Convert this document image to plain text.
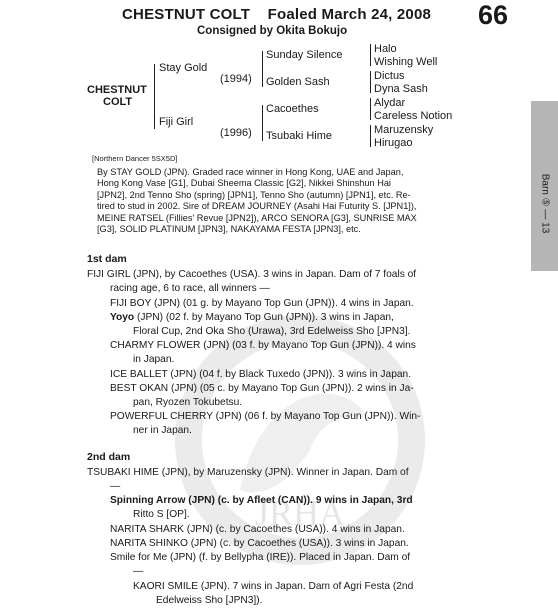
JRHA
Barn ⑤ — 13
CHESTNUT COLT    Foaled March 24, 2008 66
Consigned by Okita Bokujo
CHESTNUT
COLT
Stay Gold
Fiji Girl
(1994)
(1996)
Sunday Silence
Golden Sash
Cacoethes
Tsubaki Hime
Halo
Wishing Well
Dictus
Dyna Sash
Alydar
Careless Notion
Maruzensky
Hirugao
[Northern Dancer 5SX5D]
By STAY GOLD (JPN). Graded race winner in Hong Kong, UAE and Japan,
Hong Kong Vase [G1], Dubai Sheema Classic [G2], Nikkei Shinshun Hai
[JPN2], 2nd Tenno Sho (spring) [JPN1], Tenno Sho (autumn) [JPN1], etc. Re-
tired to stud in 2002. Sire of DREAM JOURNEY (Asahi Hai Futurity S. [JPN1]),
MEINE RATSEL (Fillies' Revue [JPN2]), ARCO SENORA [G3], SUNRISE MAX
[G3], SOLID PLATINUM [JPN3], NAKAYAMA FESTA [JPN3], etc.
1st dam
FIJI GIRL (JPN), by Cacoethes (USA). 3 wins in Japan. Dam of 7 foals of
racing age, 6 to race, all winners —
FIJI BOY (JPN) (01 g. by Mayano Top Gun (JPN)). 4 wins in Japan.
Yoyo (JPN) (02 f. by Mayano Top Gun (JPN)). 3 wins in Japan,
Floral Cup, 2nd Oka Sho (Urawa), 3rd Edelweiss Sho [JPN3].
CHARMY FLOWER (JPN) (03 f. by Mayano Top Gun (JPN)). 4 wins
in Japan.
ICE BALLET (JPN) (04 f. by Black Tuxedo (JPN)). 3 wins in Japan.
BEST OKAN (JPN) (05 c. by Mayano Top Gun (JPN)). 2 wins in Ja-
pan, Ryozen Tokubetsu.
POWERFUL CHERRY (JPN) (06 f. by Mayano Top Gun (JPN)). Win-
ner in Japan.
2nd dam
TSUBAKI HIME (JPN), by Maruzensky (JPN). Winner in Japan. Dam of
—
Spinning Arrow (JPN) (c. by Afleet (CAN)). 9 wins in Japan, 3rd
Ritto S [OP].
NARITA SHARK (JPN) (c. by Cacoethes (USA)). 4 wins in Japan.
NARITA SHINKO (JPN) (c. by Cacoethes (USA)). 3 wins in Japan.
Smile for Me (JPN) (f. by Bellypha (IRE)). Placed in Japan. Dam of
—
KAORI SMILE (JPN). 7 wins in Japan. Dam of Agri Festa (2nd
Edelweiss Sho [JPN3]).
